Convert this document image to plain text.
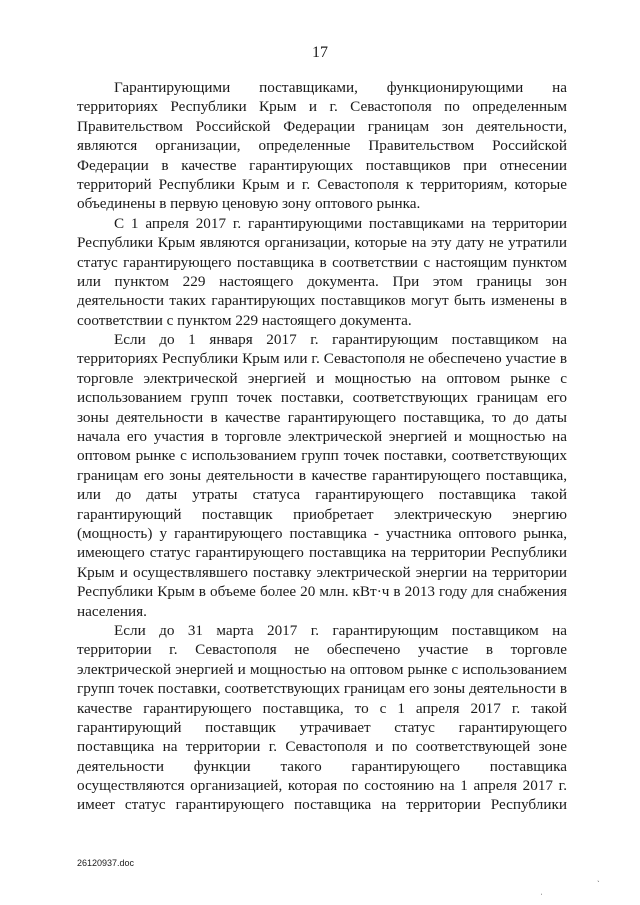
17
Гарантирующими поставщиками, функционирующими на
территориях Республики Крым и г. Севастополя по определенным
Правительством Российской Федерации границам зон деятельности,
являются организации, определенные Правительством Российской
Федерации в качестве гарантирующих поставщиков при отнесении
территорий Республики Крым и г. Севастополя к территориям, которые
объединены в первую ценовую зону оптового рынка.
С 1 апреля 2017 г. гарантирующими поставщиками на территории
Республики Крым являются организации, которые на эту дату не утратили
статус гарантирующего поставщика в соответствии с настоящим пунктом
или пунктом 229 настоящего документа. При этом границы зон
деятельности таких гарантирующих поставщиков могут быть изменены в
соответствии с пунктом 229 настоящего документа.
Если до 1 января 2017 г. гарантирующим поставщиком на
территориях Республики Крым или г. Севастополя не обеспечено участие в
торговле электрической энергией и мощностью на оптовом рынке с
использованием групп точек поставки, соответствующих границам его
зоны деятельности в качестве гарантирующего поставщика, то до даты
начала его участия в торговле электрической энергией и мощностью на
оптовом рынке с использованием групп точек поставки, соответствующих
границам его зоны деятельности в качестве гарантирующего поставщика,
или до даты утраты статуса гарантирующего поставщика такой
гарантирующий поставщик приобретает электрическую энергию
(мощность) у гарантирующего поставщика - участника оптового рынка,
имеющего статус гарантирующего поставщика на территории Республики
Крым и осуществлявшего поставку электрической энергии на территории
Республики Крым в объеме более 20 млн. кВт·ч в 2013 году для снабжения
населения.
Если до 31 марта 2017 г. гарантирующим поставщиком на
территории г. Севастополя не обеспечено участие в торговле
электрической энергией и мощностью на оптовом рынке с использованием
групп точек поставки, соответствующих границам его зоны деятельности в
качестве гарантирующего поставщика, то с 1 апреля 2017 г. такой
гарантирующий поставщик утрачивает статус гарантирующего
поставщика на территории г. Севастополя и по соответствующей зоне
деятельности функции такого гарантирующего поставщика
осуществляются организацией, которая по состоянию на 1 апреля 2017 г.
имеет статус гарантирующего поставщика на территории Республики
26120937.doc
ˌ
ˏ
